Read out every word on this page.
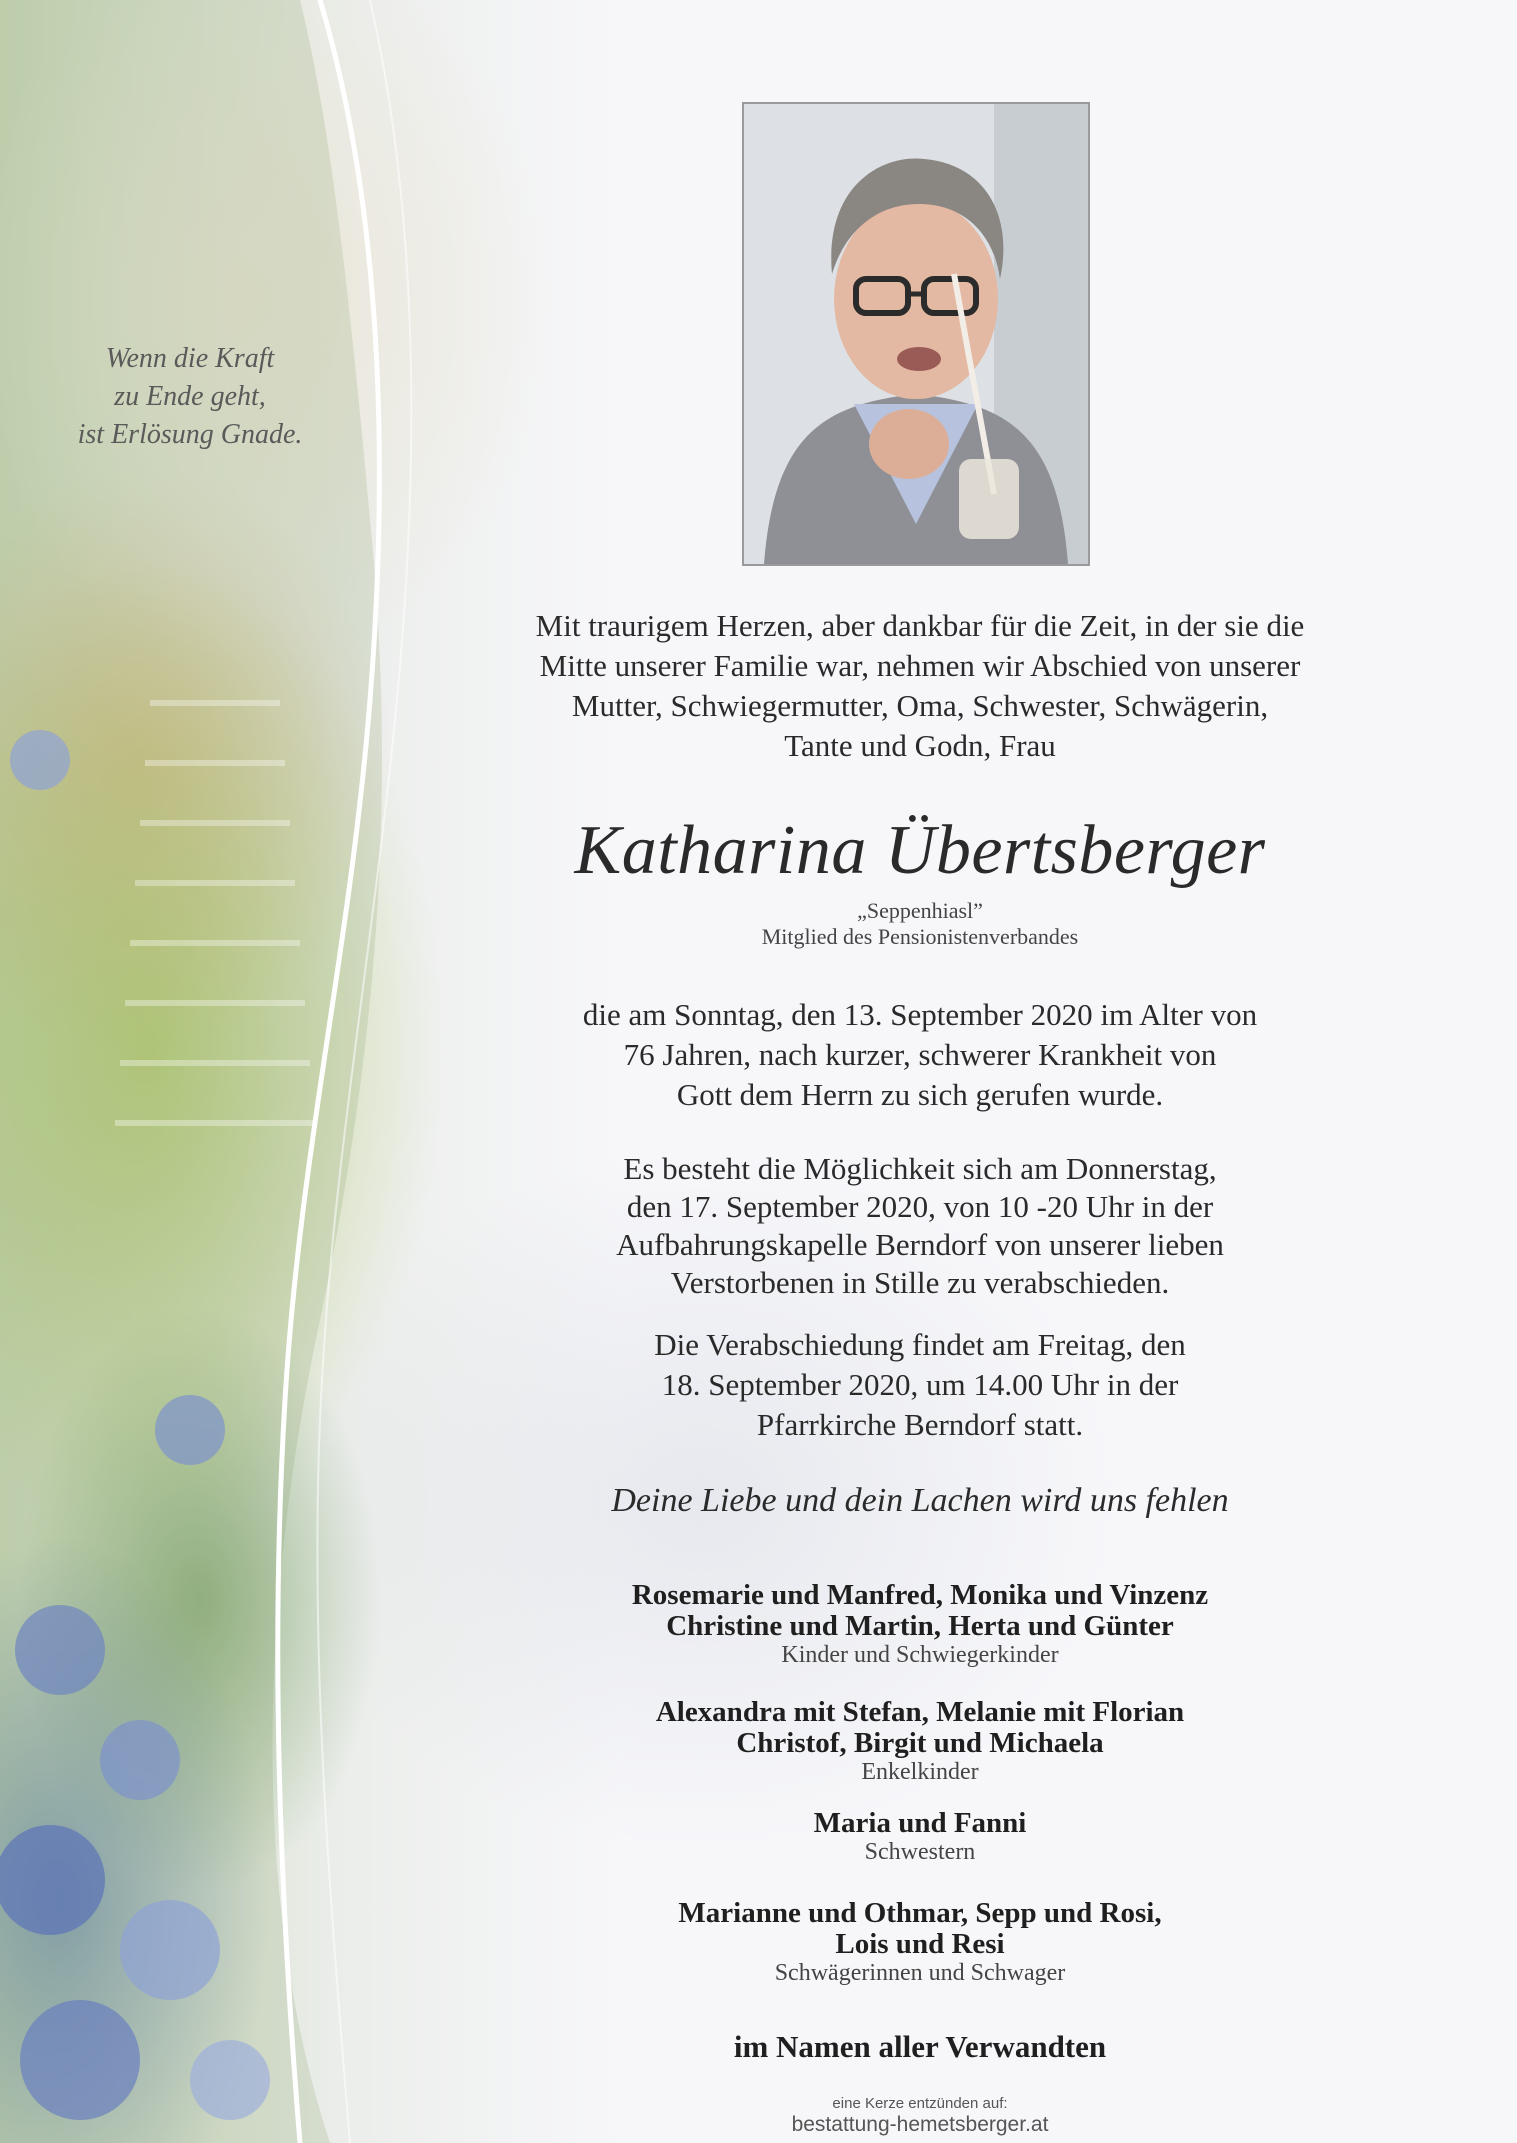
Wenn die Kraft
zu Ende geht,
ist Erlösung Gnade.
Mit traurigem Herzen, aber dankbar für die Zeit, in der sie die
Mitte unserer Familie war, nehmen wir Abschied von unserer
Mutter, Schwiegermutter, Oma, Schwester, Schwägerin,
Tante und Godn, Frau
Katharina Übertsberger
„Seppenhiasl”
Mitglied des Pensionistenverbandes
die am Sonntag, den 13. September 2020 im Alter von
76 Jahren, nach kurzer, schwerer Krankheit von
Gott dem Herrn zu sich gerufen wurde.
Es besteht die Möglichkeit sich am Donnerstag,
den 17. September 2020, von 10 -20 Uhr in der
Aufbahrungskapelle Berndorf von unserer lieben
Verstorbenen in Stille zu verabschieden.
Die Verabschiedung findet am Freitag, den
18. September 2020, um 14.00 Uhr in der
Pfarrkirche Berndorf statt.
Deine Liebe und dein Lachen wird uns fehlen
Rosemarie und Manfred, Monika und Vinzenz
Christine und Martin, Herta und Günter
Kinder und Schwiegerkinder
Alexandra mit Stefan, Melanie mit Florian
Christof, Birgit und Michaela
Enkelkinder
Maria und Fanni
Schwestern
Marianne und Othmar, Sepp und Rosi,
Lois und Resi
Schwägerinnen und Schwager
im Namen aller Verwandten
eine Kerze entzünden auf:
bestattung-hemetsberger.at
